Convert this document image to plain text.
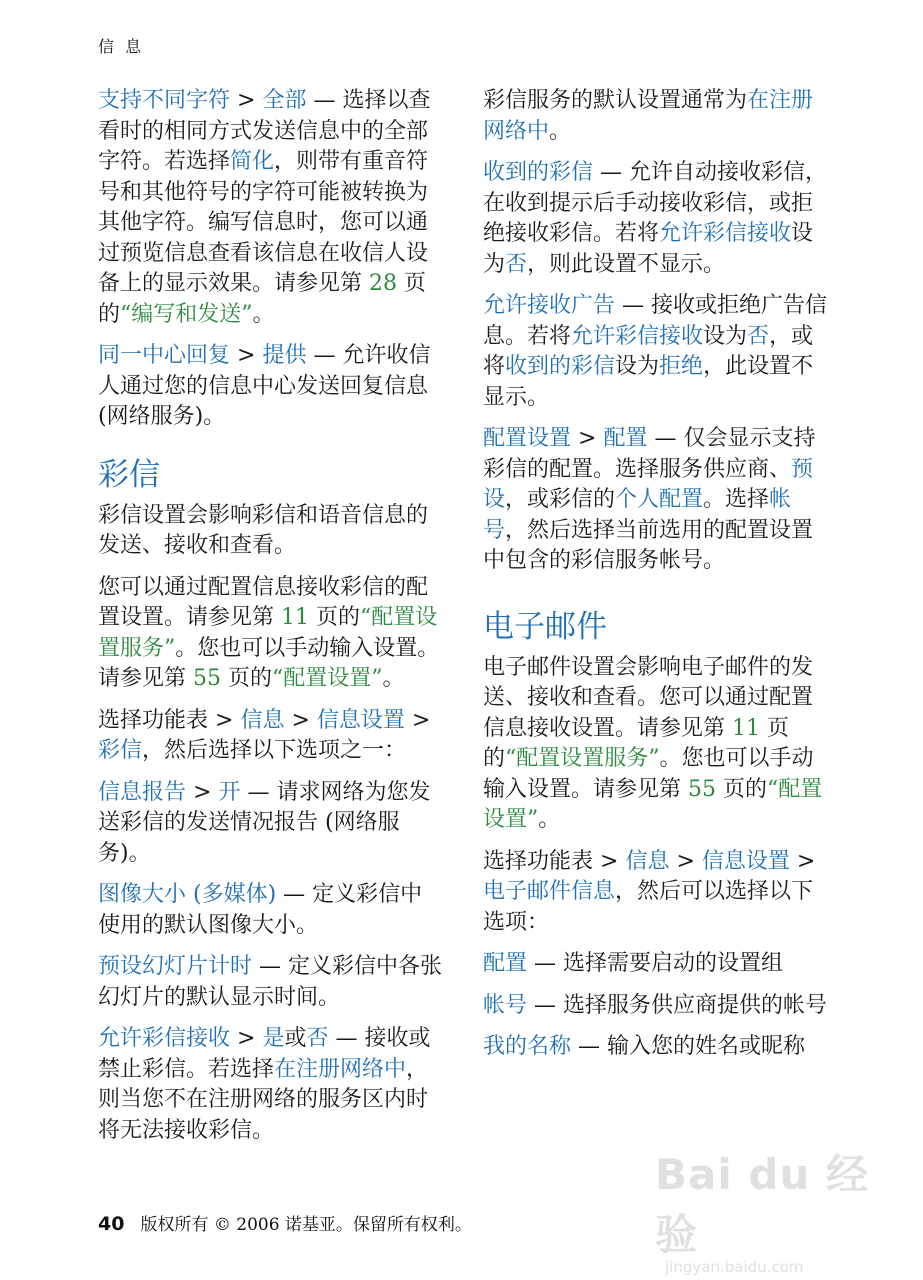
信 息

支持不同字符 > 全部 — 选择以查看时的相同方式发送信息中的全部字符。若选择简化，则带有重音符号和其他符号的字符可能被转换为其他字符。编写信息时，您可以通过预览信息查看该信息在收信人设备上的显示效果。请参见第 28 页的“编写和发送”。

同一中心回复 > 提供 — 允许收信人通过您的信息中心发送回复信息 (网络服务)。

彩信

彩信设置会影响彩信和语音信息的发送、接收和查看。

您可以通过配置信息接收彩信的配置设置。请参见第 11 页的“配置设置服务”。您也可以手动输入设置。请参见第 55 页的“配置设置”。

选择功能表 > 信息 > 信息设置 > 彩信，然后选择以下选项之一：

信息报告 > 开 — 请求网络为您发送彩信的发送情况报告 (网络服务)。

图像大小 (多媒体) — 定义彩信中使用的默认图像大小。

预设幻灯片计时 — 定义彩信中各张幻灯片的默认显示时间。

允许彩信接收 > 是或否 — 接收或禁止彩信。若选择在注册网络中，则当您不在注册网络的服务区内时将无法接收彩信。

彩信服务的默认设置通常为在注册网络中。

收到的彩信 — 允许自动接收彩信，在收到提示后手动接收彩信，或拒绝接收彩信。若将允许彩信接收设为否，则此设置不显示。

允许接收广告 — 接收或拒绝广告信息。若将允许彩信接收设为否，或将收到的彩信设为拒绝，此设置不显示。

配置设置 > 配置 — 仅会显示支持彩信的配置。选择服务供应商、预设，或彩信的个人配置。选择帐号，然后选择当前选用的配置设置中包含的彩信服务帐号。

电子邮件

电子邮件设置会影响电子邮件的发送、接收和查看。您可以通过配置信息接收设置。请参见第 11 页的“配置设置服务”。您也可以手动输入设置。请参见第 55 页的“配置设置”。

选择功能表 > 信息 > 信息设置 > 电子邮件信息，然后可以选择以下选项：

配置 — 选择需要启动的设置组

帐号 — 选择服务供应商提供的帐号

我的名称 — 输入您的姓名或昵称

40 版权所有 © 2006 诺基亚。保留所有权利。
Bai du 经验
jingyan.baidu.com
